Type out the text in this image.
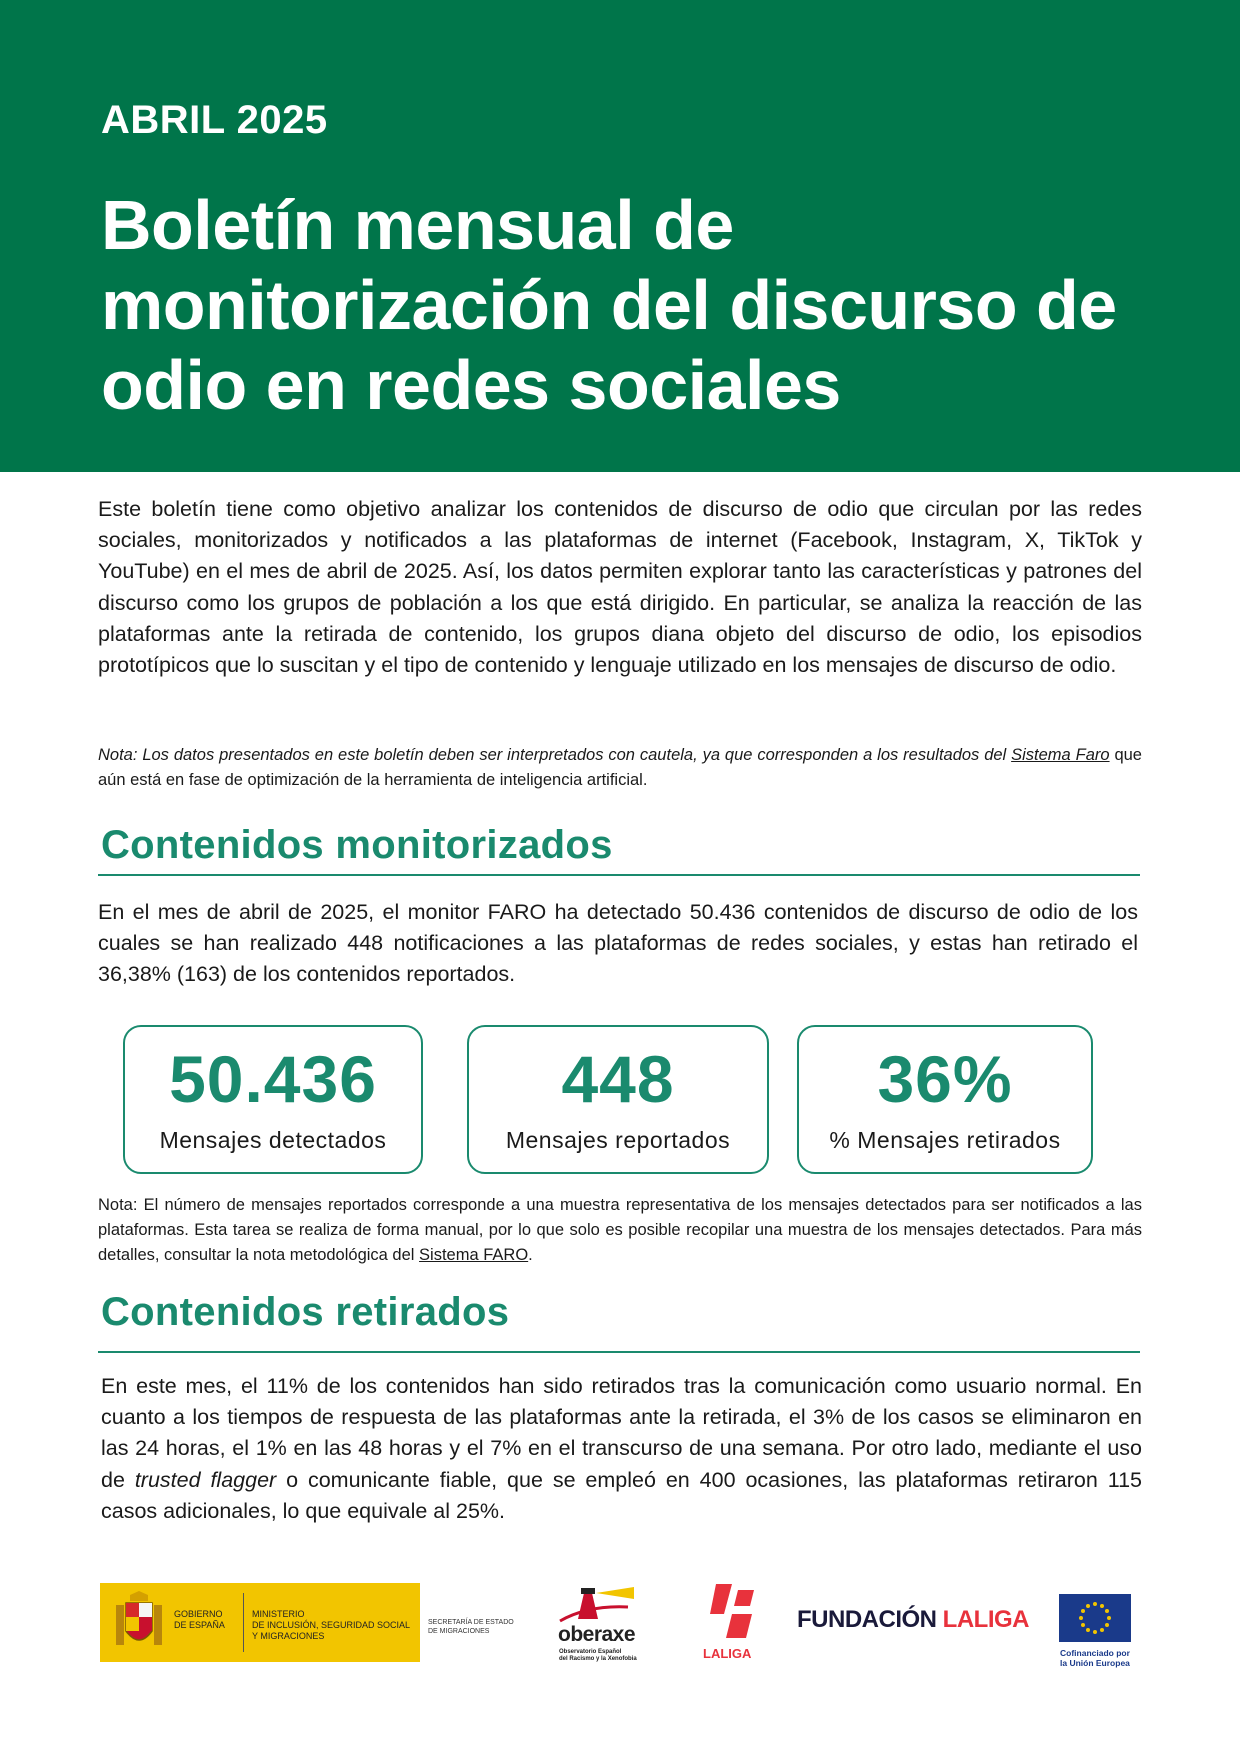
ABRIL 2025
Boletín mensual de monitorización del discurso de odio en redes sociales
Este boletín tiene como objetivo analizar los contenidos de discurso de odio que circulan por las redes sociales, monitorizados y notificados a las plataformas de internet (Facebook, Instagram, X, TikTok y YouTube) en el mes de abril de 2025. Así, los datos permiten explorar tanto las características y patrones del discurso como los grupos de población a los que está dirigido. En particular, se analiza la reacción de las plataformas ante la retirada de contenido, los grupos diana objeto del discurso de odio, los episodios prototípicos que lo suscitan y el tipo de contenido y lenguaje utilizado en los mensajes de discurso de odio.
Nota: Los datos presentados en este boletín deben ser interpretados con cautela, ya que corresponden a los resultados del Sistema Faro que aún está en fase de optimización de la herramienta de inteligencia artificial.
Contenidos monitorizados
En el mes de abril de 2025, el monitor FARO ha detectado 50.436 contenidos de discurso de odio de los cuales se han realizado 448 notificaciones a las plataformas de redes sociales, y estas han retirado el 36,38% (163) de los contenidos reportados.
50.436
Mensajes detectados
448
Mensajes reportados
36%
% Mensajes retirados
Nota: El número de mensajes reportados corresponde a una muestra representativa de los mensajes detectados para ser notificados a las plataformas. Esta tarea se realiza de forma manual, por lo que solo es posible recopilar una muestra de los mensajes detectados. Para más detalles, consultar la nota metodológica del Sistema FARO.
Contenidos retirados
En este mes, el 11% de los contenidos han sido retirados tras la comunicación como usuario normal. En cuanto a los tiempos de respuesta de las plataformas ante la retirada, el 3% de los casos se eliminaron en las 24 horas, el 1% en las 48 horas y el 7% en el transcurso de una semana. Por otro lado, mediante el uso de trusted flagger o comunicante fiable, que se empleó en 400 ocasiones, las plataformas retiraron 115 casos adicionales, lo que equivale al 25%.
GOBIERNO
DE ESPAÑA
MINISTERIO
DE INCLUSIÓN, SEGURIDAD SOCIAL
Y MIGRACIONES
SECRETARÍA DE ESTADO
DE MIGRACIONES	oberaxe
Observatorio Español
del Racismo y la Xenofobia	LALIGA
FUNDACIÓN LALIGA
Cofinanciado por
la Unión Europea
